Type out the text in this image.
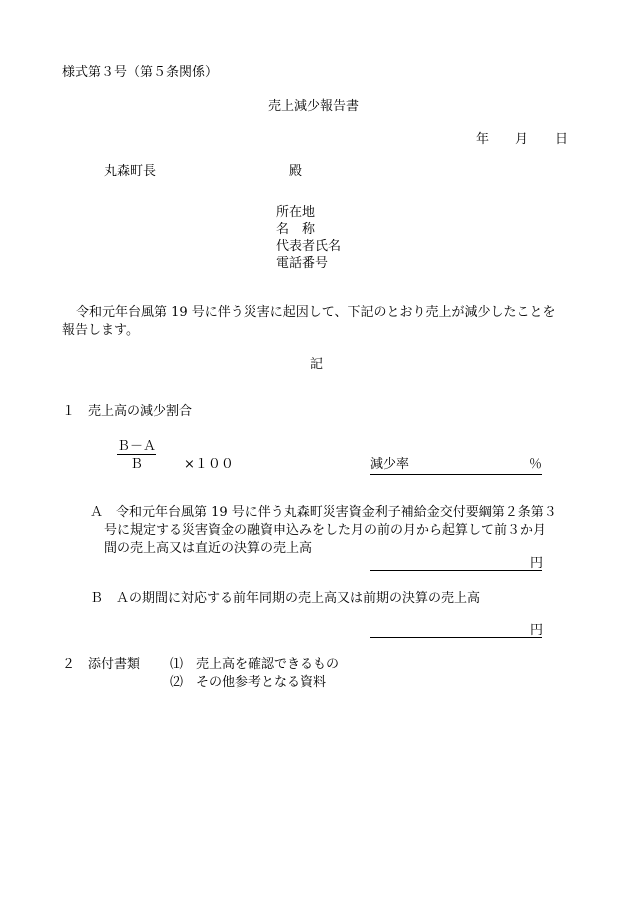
様式第３号（第５条関係）
売上減少報告書
年 月 日
丸森町長	殿
所在地
名　称
代表者氏名
電話番号
令和元年台風第 19 号に伴う災害に起因して、下記のとおり売上が減少したことを
報告します。
記
１　売上高の減少割合
Ｂ－Ａ
Ｂ	×１００	減少率	％
Ａ　令和元年台風第 19 号に伴う丸森町災害資金利子補給金交付要綱第２条第３
号に規定する災害資金の融資申込みをした月の前の月から起算して前３か月
間の売上高又は直近の決算の売上高
円
Ｂ　Ａの期間に対応する前年同期の売上高又は前期の決算の売上高
円
２　添付書類 ⑴　売上高を確認できるもの
⑵　その他参考となる資料
